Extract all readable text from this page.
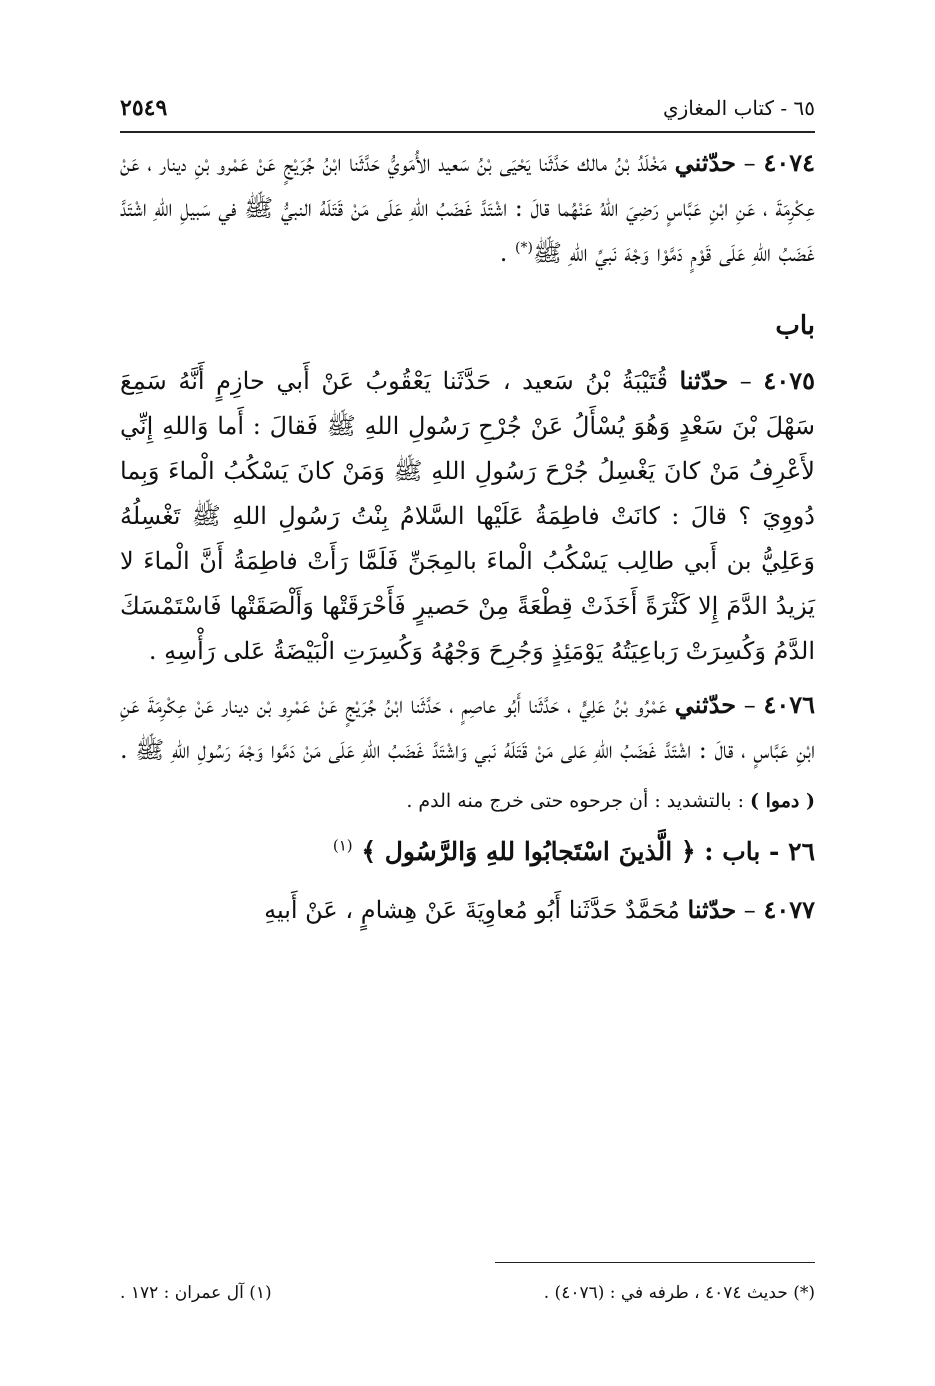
٦٥ - كتاب المغازي
٢٥٤٩

٤٠٧٤ – حدّثني مَخْلَدُ بْنُ مالك حَدَّثَنا يَحْيَى بْنُ سَعيد الأُمَويُّ حَدَّثَنا ابْنُ جُرَيْجٍ عَنْ عَمْرو بْنِ دينار ، عَنْ عِكْرِمَةَ ، عَنِ ابْنِ عَبَّاسٍ رَضِيَ اللهُ عَنْهُما قالَ : اشْتَدَّ غَضَبُ اللهِ عَلَى مَنْ قَتَلَهُ النبيُّ ﷺ في سَبيلِ اللهِ اشْتَدَّ غَضَبُ اللهِ عَلَى قَوْمٍ دَمَّوْا وَجْهَ نَبيِّ اللهِ ﷺ(*) .

باب

٤٠٧٥ – حدّثنا قُتَيْبَةُ بْنُ سَعيد ، حَدَّثَنا يَعْقُوبُ عَنْ أَبي حازِمٍ أَنَّهُ سَمِعَ سَهْلَ بْنَ سَعْدٍ وَهُوَ يُسْأَلُ عَنْ جُرْحِ رَسُولِ اللهِ ﷺ فَقالَ : أَما وَاللهِ إِنِّي لأَعْرِفُ مَنْ كانَ يَغْسِلُ جُرْحَ رَسُولِ اللهِ ﷺ وَمَنْ كانَ يَسْكُبُ الْماءَ وَبِما دُووِيَ ؟ قالَ : كانَتْ فاطِمَةُ عَلَيْها السَّلامُ بِنْتُ رَسُولِ اللهِ ﷺ تَغْسِلُهُ وَعَلِيُّ بن أَبي طالِب يَسْكُبُ الْماءَ بالمِجَنِّ فَلَمَّا رَأَتْ فاطِمَةُ أَنَّ الْماءَ لا يَزيدُ الدَّمَ إِلا كَثْرَةً أَخَذَتْ قِطْعَةً مِنْ حَصيرٍ فَأَحْرَقَتْها وَأَلْصَقَتْها فَاسْتَمْسَكَ الدَّمُ وَكُسِرَتْ رَباعِيَتُهُ يَوْمَئِذٍ وَجُرِحَ وَجْهُهُ وَكُسِرَتِ الْبَيْضَةُ عَلى رَأْسِهِ .

٤٠٧٦ – حدّثني عَمْرُو بْنُ عَلِيٍّ ، حَدَّثَنا أَبُو عاصِمٍ ، حَدَّثَنا ابْنُ جُرَيْجٍ عَنْ عَمْرِو بْن دينار عَنْ عِكْرِمَةَ عَنِ ابْنِ عَبَّاسٍ ، قالَ : اشْتَدَّ غَضَبُ اللهِ عَلى مَنْ قَتَلَهُ نَبي وَاشْتَدَّ غَضَبُ اللهِ عَلَى مَنْ دَمَّوا وَجْهَ رَسُولِ اللهِ ﷺ .

( دموا ) : بالتشديد : أن جرحوه حتى خرج منه الدم .
٢٦ - باب : ﴿ الَّذينَ اسْتَجابُوا للهِ وَالرَّسُول ﴾ $^{(١)}$

٤٠٧٧ – حدّثنا مُحَمَّدٌ حَدَّثَنا أَبُو مُعاوِيَةَ عَنْ هِشامٍ ، عَنْ أَبيهِ

(*) حديث ٤٠٧٤ ، طرفه في : (٤٠٧٦) .
(١) آل عمران : ١٧٢ .
